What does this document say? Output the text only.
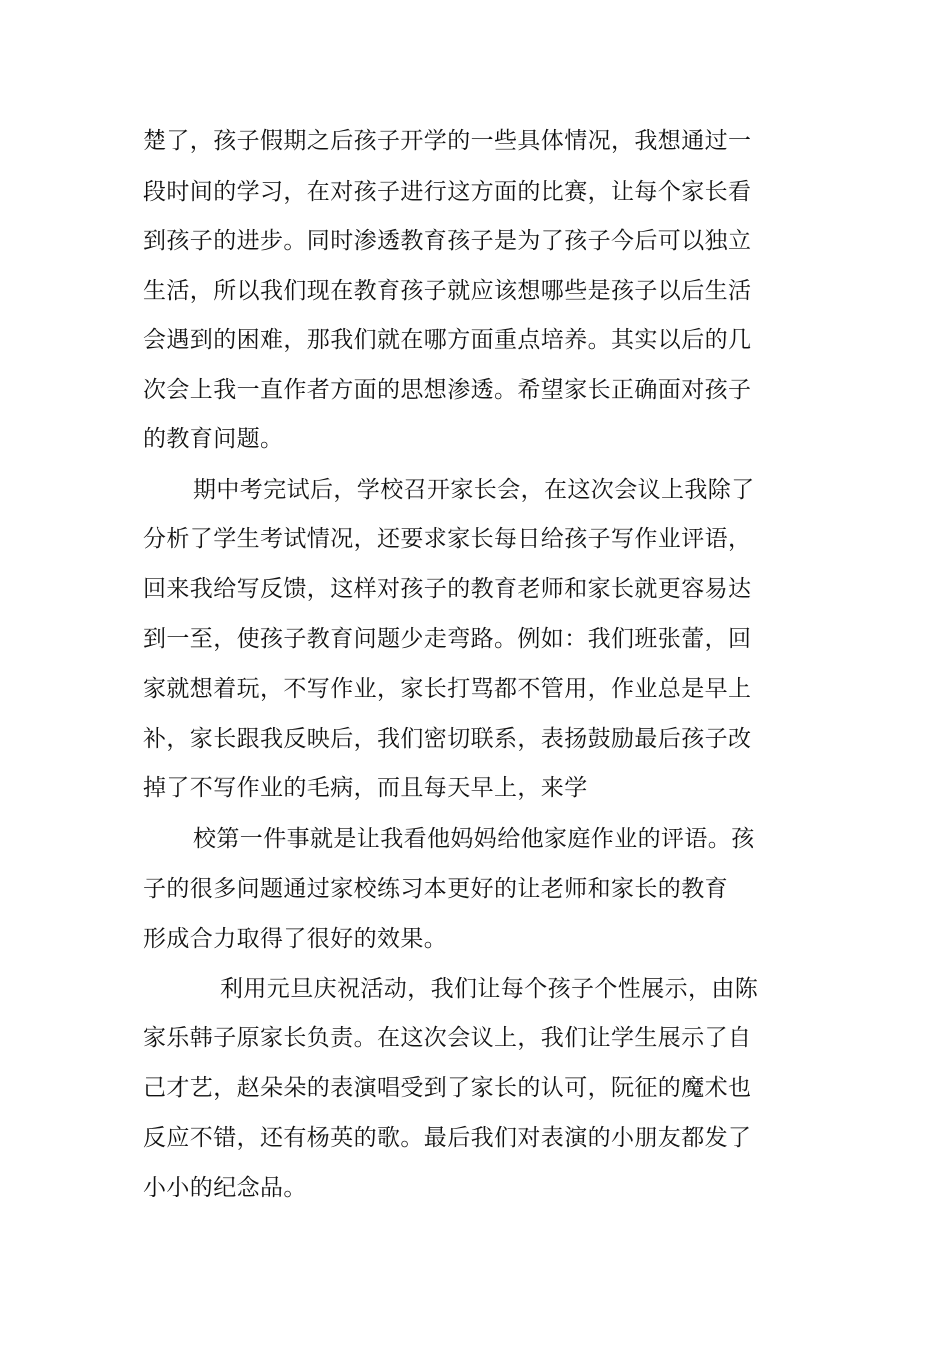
楚了，孩子假期之后孩子开学的一些具体情况，我想通过一
段时间的学习，在对孩子进行这方面的比赛，让每个家长看
到孩子的进步。同时渗透教育孩子是为了孩子今后可以独立
生活，所以我们现在教育孩子就应该想哪些是孩子以后生活
会遇到的困难，那我们就在哪方面重点培养。其实以后的几
次会上我一直作者方面的思想渗透。希望家长正确面对孩子
的教育问题。
期中考完试后，学校召开家长会，在这次会议上我除了
分析了学生考试情况，还要求家长每日给孩子写作业评语，
回来我给写反馈，这样对孩子的教育老师和家长就更容易达
到一至，使孩子教育问题少走弯路。例如：我们班张蕾，回
家就想着玩，不写作业，家长打骂都不管用，作业总是早上
补，家长跟我反映后，我们密切联系，表扬鼓励最后孩子改
掉了不写作业的毛病，而且每天早上，来学
校第一件事就是让我看他妈妈给他家庭作业的评语。孩
子的很多问题通过家校练习本更好的让老师和家长的教育
形成合力取得了很好的效果。
利用元旦庆祝活动，我们让每个孩子个性展示，由陈
家乐韩子原家长负责。在这次会议上，我们让学生展示了自
己才艺，赵朵朵的表演唱受到了家长的认可，阮征的魔术也
反应不错，还有杨英的歌。最后我们对表演的小朋友都发了
小小的纪念品。
